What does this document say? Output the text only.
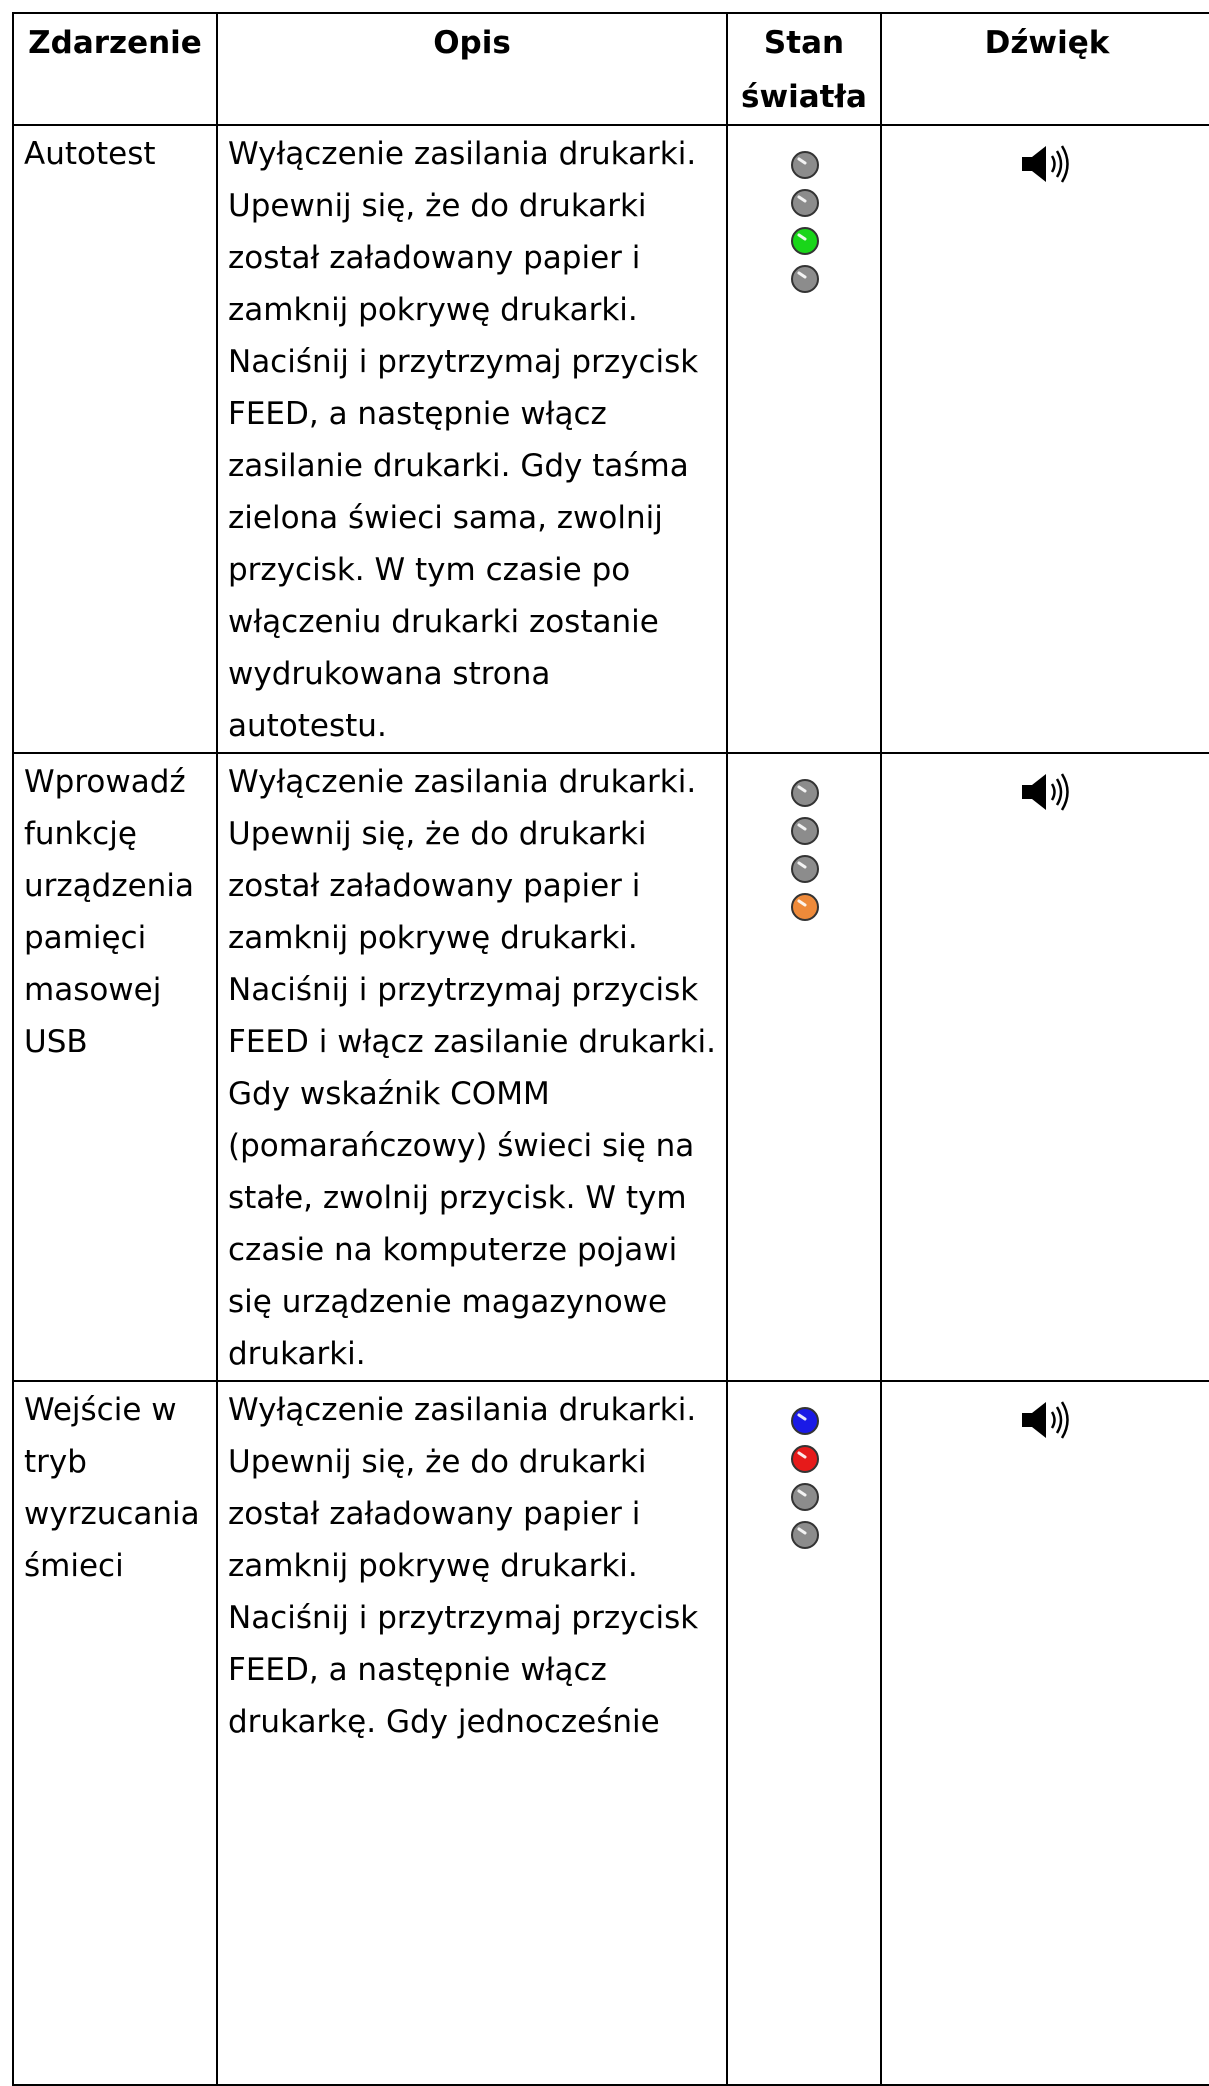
Zdarzenie	Opis	Stan światła	Dźwięk

Autotest	Wyłączenie zasilania drukarki. Upewnij się, że do drukarki został załadowany papier i zamknij pokrywę drukarki. Naciśnij i przytrzymaj przycisk FEED, a następnie włącz zasilanie drukarki. Gdy taśma zielona świeci sama, zwolnij przycisk. W tym czasie po włączeniu drukarki zostanie wydrukowana strona autotestu.

Wprowadź funkcję urządzenia pamięci masowej USB	Wyłączenie zasilania drukarki. Upewnij się, że do drukarki został załadowany papier i zamknij pokrywę drukarki. Naciśnij i przytrzymaj przycisk FEED i włącz zasilanie drukarki. Gdy wskaźnik COMM (pomarańczowy) świeci się na stałe, zwolnij przycisk. W tym czasie na komputerze pojawi się urządzenie magazynowe drukarki.

Wejście w tryb wyrzucania śmieci	Wyłączenie zasilania drukarki. Upewnij się, że do drukarki został załadowany papier i zamknij pokrywę drukarki. Naciśnij i przytrzymaj przycisk FEED, a następnie włącz drukarkę. Gdy jednocześnie
